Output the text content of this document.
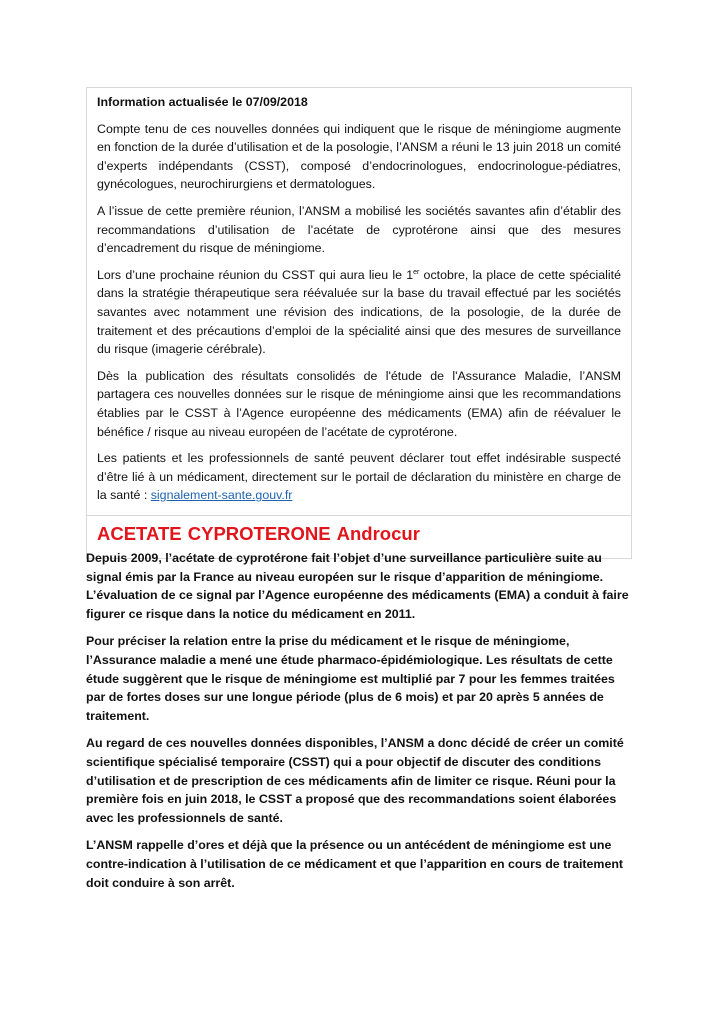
Information actualisée le 07/09/2018

Compte tenu de ces nouvelles données qui indiquent que le risque de méningiome augmente en fonction de la durée d’utilisation et de la posologie, l’ANSM a réuni le 13 juin 2018 un comité d’experts indépendants (CSST), composé d’endocrinologues, endocrinologue-pédiatres, gynécologues, neurochirurgiens et dermatologues.

A l’issue de cette première réunion, l’ANSM a mobilisé les sociétés savantes afin d’établir des recommandations d’utilisation de l’acétate de cyprotérone ainsi que des mesures d’encadrement du risque de méningiome.

Lors d’une prochaine réunion du CSST qui aura lieu le 1er octobre, la place de cette spécialité dans la stratégie thérapeutique sera réévaluée sur la base du travail effectué par les sociétés savantes avec notamment une révision des indications, de la posologie, de la durée de traitement et des précautions d’emploi de la spécialité ainsi que des mesures de surveillance du risque (imagerie cérébrale).

Dès la publication des résultats consolidés de l'étude de l'Assurance Maladie, l’ANSM partagera ces nouvelles données sur le risque de méningiome ainsi que les recommandations établies par le CSST à l’Agence européenne des médicaments (EMA) afin de réévaluer le bénéfice / risque au niveau européen de l’acétate de cyprotérone.

Les patients et les professionnels de santé peuvent déclarer tout effet indésirable suspecté d’être lié à un médicament, directement sur le portail de déclaration du ministère en charge de la santé : signalement-sante.gouv.fr

ACETATE CYPROTERONE Androcur

Depuis 2009, l’acétate de cyprotérone fait l’objet d’une surveillance particulière suite au signal émis par la France au niveau européen sur le risque d’apparition de méningiome. L’évaluation de ce signal par l’Agence européenne des médicaments (EMA) a conduit à faire figurer ce risque dans la notice du médicament en 2011.

Pour préciser la relation entre la prise du médicament et le risque de méningiome, l’Assurance maladie a mené une étude pharmaco-épidémiologique. Les résultats de cette étude suggèrent que le risque de méningiome est multiplié par 7 pour les femmes traitées par de fortes doses sur une longue période (plus de 6 mois) et par 20 après 5 années de traitement.

Au regard de ces nouvelles données disponibles, l’ANSM a donc décidé de créer un comité scientifique spécialisé temporaire (CSST) qui a pour objectif de discuter des conditions d’utilisation et de prescription de ces médicaments afin de limiter ce risque. Réuni pour la première fois en juin 2018, le CSST a proposé que des recommandations soient élaborées avec les professionnels de santé.

L’ANSM rappelle d’ores et déjà que la présence ou un antécédent de méningiome est une contre-indication à l’utilisation de ce médicament et que l’apparition en cours de traitement doit conduire à son arrêt.
